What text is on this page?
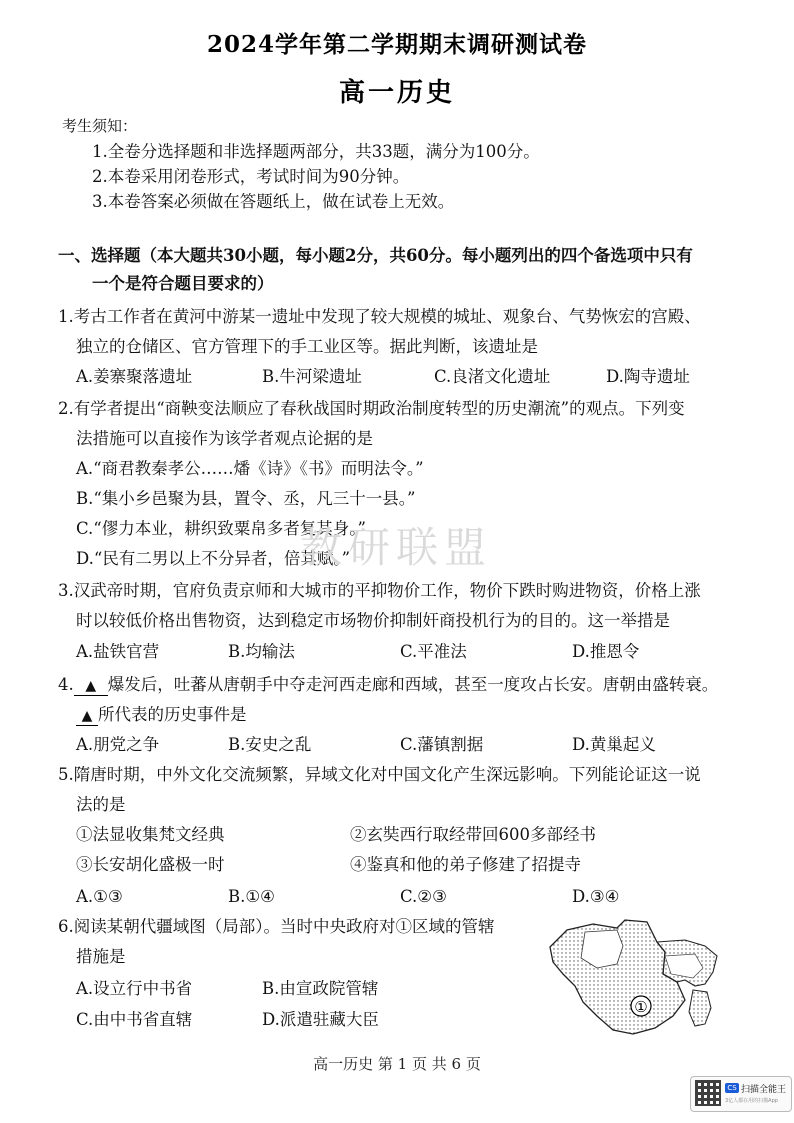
2024学年第二学期期末调研测试卷
高一历史
考生须知：
1.全卷分选择题和非选择题两部分，共33题，满分为100分。
2.本卷采用闭卷形式，考试时间为90分钟。
3.本卷答案必须做在答题纸上，做在试卷上无效。
一、选择题（本大题共30小题，每小题2分，共60分。每小题列出的四个备选项中只有
一个是符合题目要求的）
1.考古工作者在黄河中游某一遗址中发现了较大规模的城址、观象台、气势恢宏的宫殿、
独立的仓储区、官方管理下的手工业区等。据此判断，该遗址是
A.姜寨聚落遗址	B.牛河梁遗址	C.良渚文化遗址	D.陶寺遗址
2.有学者提出“商鞅变法顺应了春秋战国时期政治制度转型的历史潮流”的观点。下列变
法措施可以直接作为该学者观点论据的是
A.“商君教秦孝公……燔《诗》《书》而明法令。”
B.“集小乡邑聚为县，置令、丞，凡三十一县。”
C.“僇力本业，耕织致粟帛多者复其身。”
D.“民有二男以上不分异者，倍其赋。”
教研联盟
3.汉武帝时期，官府负责京师和大城市的平抑物价工作，物价下跌时购进物资，价格上涨
时以较低价格出售物资，达到稳定市场物价抑制奸商投机行为的目的。这一举措是
A.盐铁官营	B.均输法	C.平准法	D.推恩令
4. ▲ 爆发后，吐蕃从唐朝手中夺走河西走廊和西域，甚至一度攻占长安。唐朝由盛转衰。
▲ 所代表的历史事件是
A.朋党之争	B.安史之乱	C.藩镇割据	D.黄巢起义
5.隋唐时期，中外文化交流频繁，异域文化对中国文化产生深远影响。下列能论证这一说
法的是
①法显收集梵文经典	②玄奘西行取经带回600多部经书
③长安胡化盛极一时	④鉴真和他的弟子修建了招提寺
A.①③	B.①④	C.②③	D.③④
6.阅读某朝代疆域图（局部）。当时中央政府对①区域的管辖
措施是
A.设立行中书省	B.由宣政院管辖
C.由中书省直辖	D.派遣驻藏大臣
①
高一历史 第 1 页 共 6 页
CS 扫描全能王
3亿人都在用的扫描App
